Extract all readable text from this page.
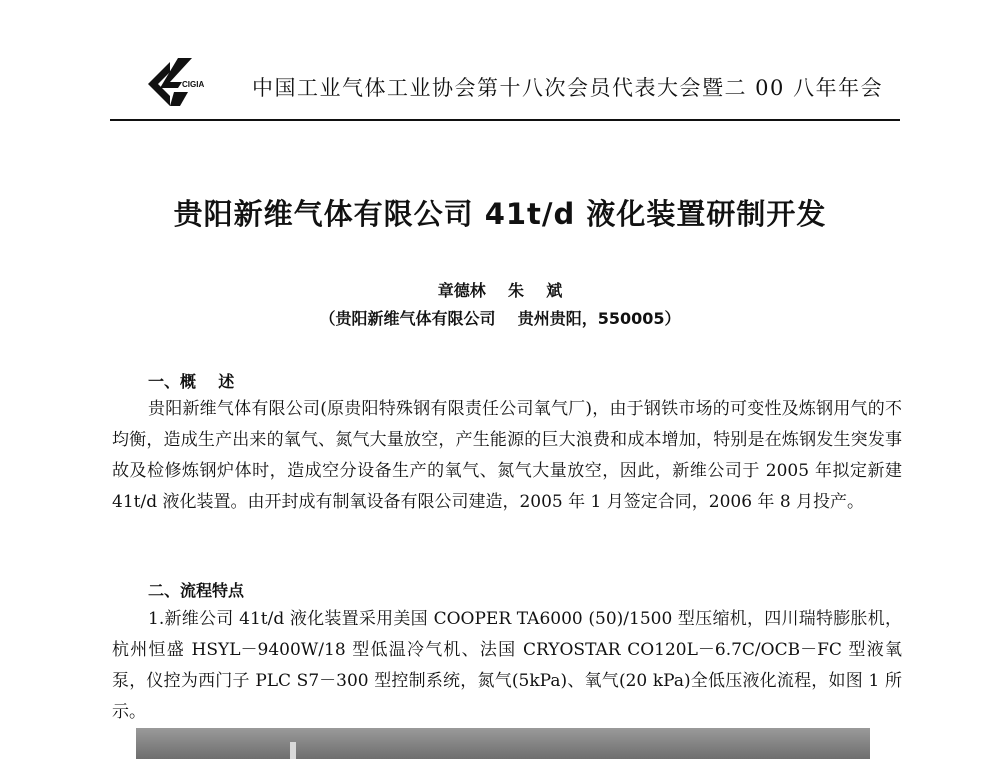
CIGIA 中国工业气体工业协会第十八次会员代表大会暨二 00 八年年会
贵阳新维气体有限公司 41t/d 液化装置研制开发
章德林    朱    斌
（贵阳新维气体有限公司    贵州贵阳，550005）
一、概    述
贵阳新维气体有限公司(原贵阳特殊钢有限责任公司氧气厂)，由于钢铁市场的可变性及炼钢用气的不均衡，造成生产出来的氧气、氮气大量放空，产生能源的巨大浪费和成本增加，特别是在炼钢发生突发事故及检修炼钢炉体时，造成空分设备生产的氧气、氮气大量放空，因此，新维公司于 2005 年拟定新建 41t/d 液化装置。由开封成有制氧设备有限公司建造，2005 年 1 月签定合同，2006 年 8 月投产。
二、流程特点
1.新维公司 41t/d 液化装置采用美国 COOPER TA6000 (50)/1500 型压缩机，四川瑞特膨胀机，杭州恒盛 HSYL－9400W/18 型低温冷气机、法国 CRYOSTAR CO120L－6.7C/OCB－FC 型液氧泵，仪控为西门子 PLC S7－300 型控制系统，氮气(5kPa)、氧气(20 kPa)全低压液化流程，如图 1 所示。
